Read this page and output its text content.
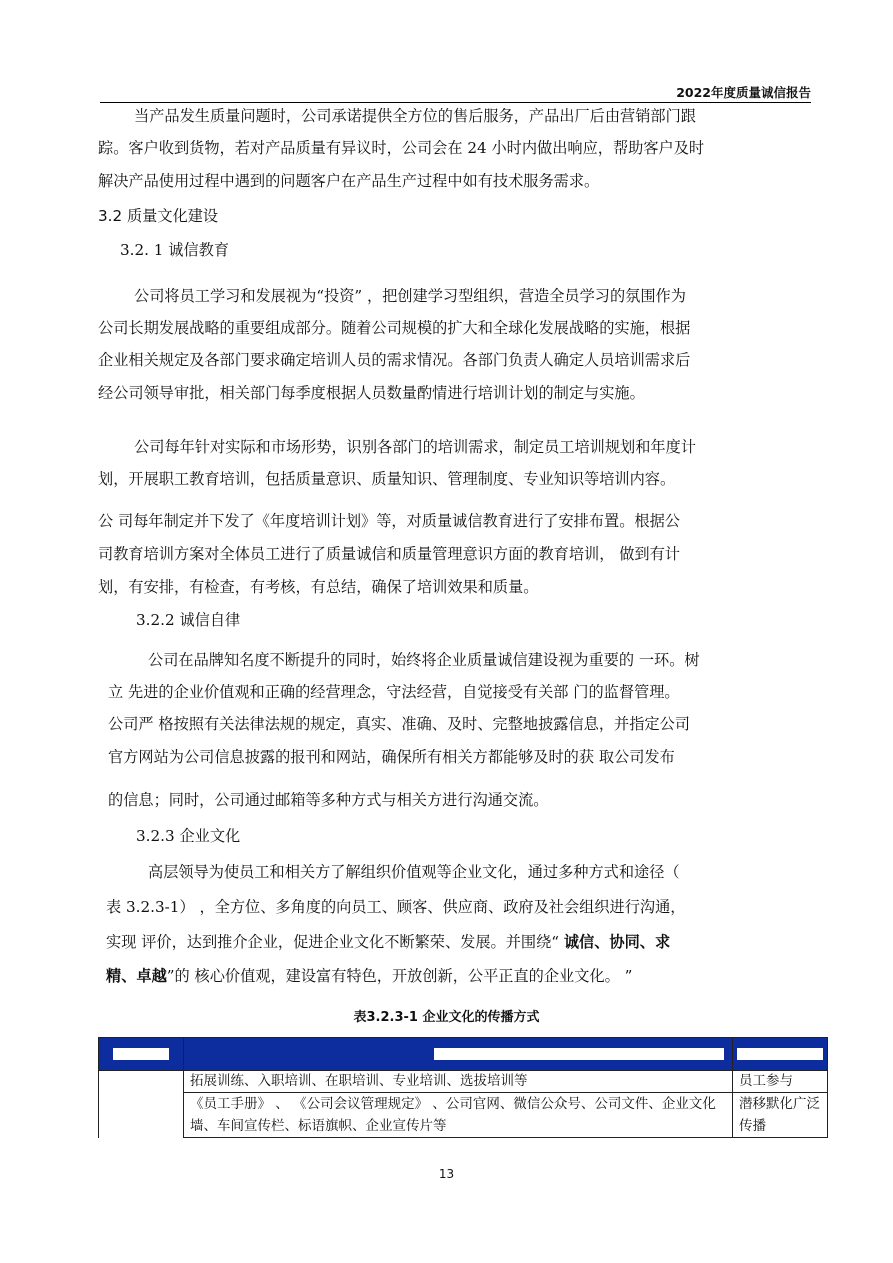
2022年度质量诚信报告
当产品发生质量问题时，公司承诺提供全方位的售后服务，产品出厂后由营销部门跟
踪。客户收到货物，若对产品质量有异议时，公司会在 24 小时内做出响应，帮助客户及时
解决产品使用过程中遇到的问题客户在产品生产过程中如有技术服务需求。
3.2 质量文化建设
3.2. 1 诚信教育
公司将员工学习和发展视为“投资” ，把创建学习型组织，营造全员学习的氛围作为
公司长期发展战略的重要组成部分。随着公司规模的扩大和全球化发展战略的实施，根据
企业相关规定及各部门要求确定培训人员的需求情况。各部门负责人确定人员培训需求后
经公司领导审批，相关部门每季度根据人员数量酌情进行培训计划的制定与实施。
公司每年针对实际和市场形势，识别各部门的培训需求，制定员工培训规划和年度计
划，开展职工教育培训，包括质量意识、质量知识、管理制度、专业知识等培训内容。
公 司每年制定并下发了《年度培训计划》等，对质量诚信教育进行了安排布置。根据公
司教育培训方案对全体员工进行了质量诚信和质量管理意识方面的教育培训， 做到有计
划，有安排，有检查，有考核，有总结，确保了培训效果和质量。
3.2.2 诚信自律
公司在品牌知名度不断提升的同时，始终将企业质量诚信建设视为重要的 一环。树
立 先进的企业价值观和正确的经营理念，守法经营，自觉接受有关部 门的监督管理。
公司严 格按照有关法律法规的规定，真实、准确、及时、完整地披露信息，并指定公司
官方网站为公司信息披露的报刊和网站，确保所有相关方都能够及时的获 取公司发布
的信息；同时，公司通过邮箱等多种方式与相关方进行沟通交流。
3.2.3 企业文化
高层领导为使员工和相关方了解组织价值观等企业文化，通过多种方式和途径（
表 3.2.3-1） ，全方位、多角度的向员工、顾客、供应商、政府及社会组织进行沟通，
实现 评价，达到推介企业，促进企业文化不断繁荣、发展。并围绕“ 诚信、协同、求
精、卓越”的 核心价值观，建设富有特色，开放创新，公平正直的企业文化。 ”
表3.2.3-1 企业文化的传播方式

	拓展训练、入职培训、在职培训、专业培训、选拔培训等	员工参与
	《员工手册》 、 《公司会议管理规定》 、公司官网、微信公众号、公司文件、企业文化墙、车间宣传栏、标语旗帜、企业宣传片等	潜移默化广泛传播
13
